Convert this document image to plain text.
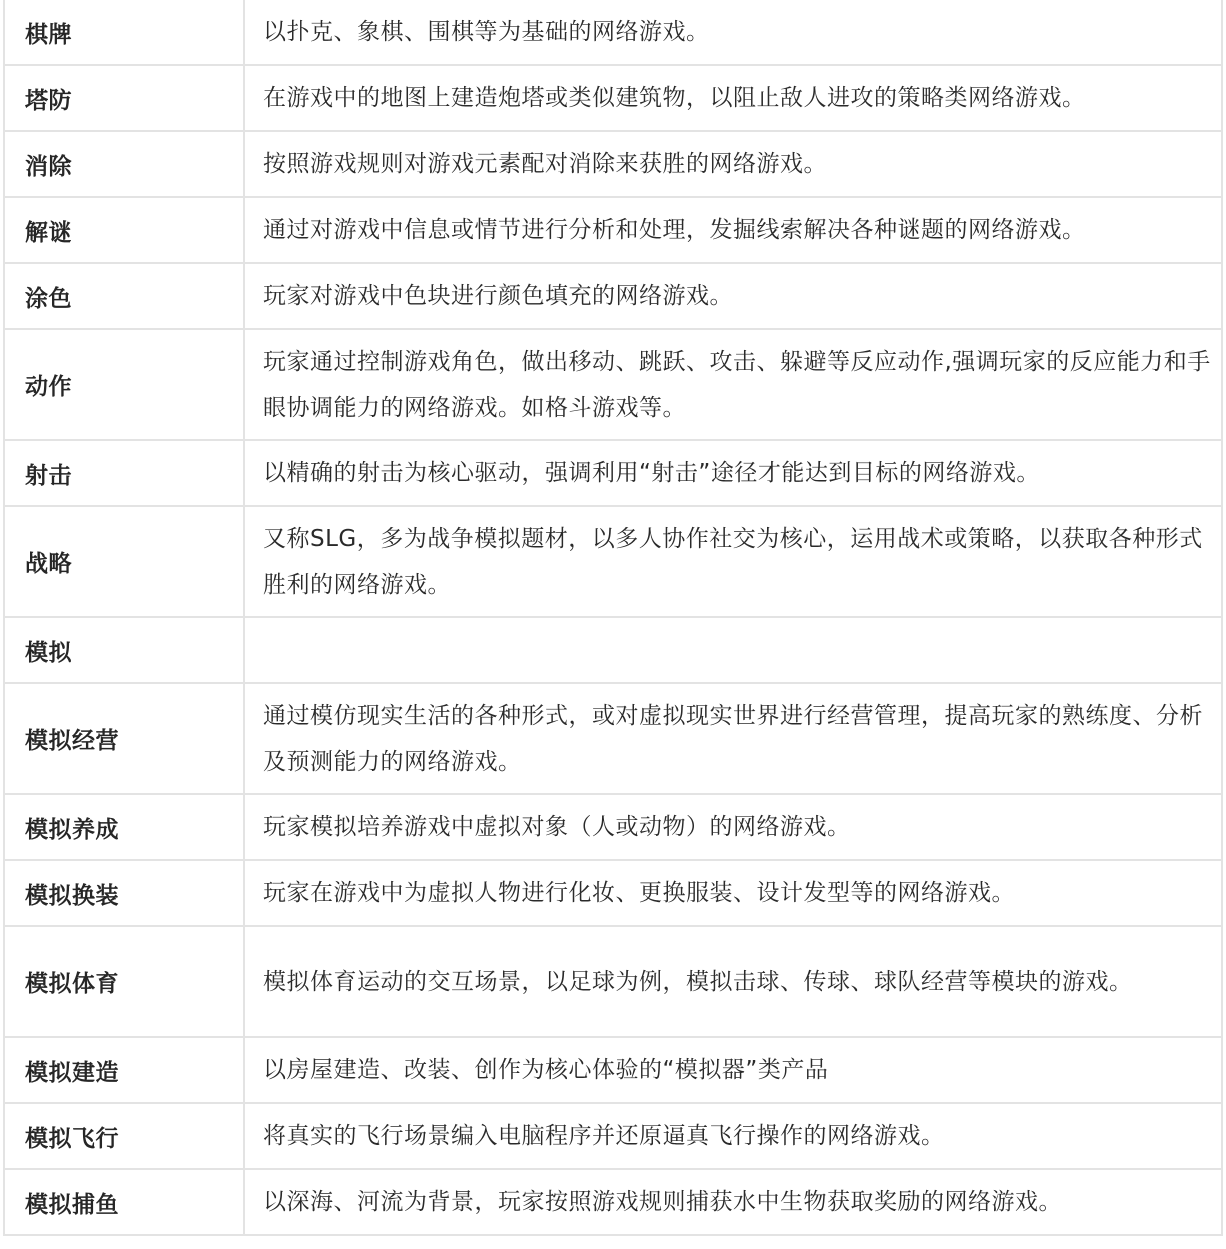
棋牌	以扑克、象棋、围棋等为基础的网络游戏。
塔防	在游戏中的地图上建造炮塔或类似建筑物，以阻止敌人进攻的策略类网络游戏。
消除	按照游戏规则对游戏元素配对消除来获胜的网络游戏。
解谜	通过对游戏中信息或情节进行分析和处理，发掘线索解决各种谜题的网络游戏。
涂色	玩家对游戏中色块进行颜色填充的网络游戏。
动作	玩家通过控制游戏角色，做出移动、跳跃、攻击、躲避等反应动作,强调玩家的反应能力和手眼协调能力的网络游戏。如格斗游戏等。
射击	以精确的射击为核心驱动，强调利用“射击”途径才能达到目标的网络游戏。
战略	又称SLG，多为战争模拟题材，以多人协作社交为核心，运用战术或策略，以获取各种形式胜利的网络游戏。
模拟	
模拟经营	通过模仿现实生活的各种形式，或对虚拟现实世界进行经营管理，提高玩家的熟练度、分析及预测能力的网络游戏。
模拟养成	玩家模拟培养游戏中虚拟对象（人或动物）的网络游戏。
模拟换装	玩家在游戏中为虚拟人物进行化妆、更换服装、设计发型等的网络游戏。
模拟体育	模拟体育运动的交互场景，以足球为例，模拟击球、传球、球队经营等模块的游戏。
模拟建造	以房屋建造、改装、创作为核心体验的“模拟器”类产品
模拟飞行	将真实的飞行场景编入电脑程序并还原逼真飞行操作的网络游戏。
模拟捕鱼	以深海、河流为背景，玩家按照游戏规则捕获水中生物获取奖励的网络游戏。
